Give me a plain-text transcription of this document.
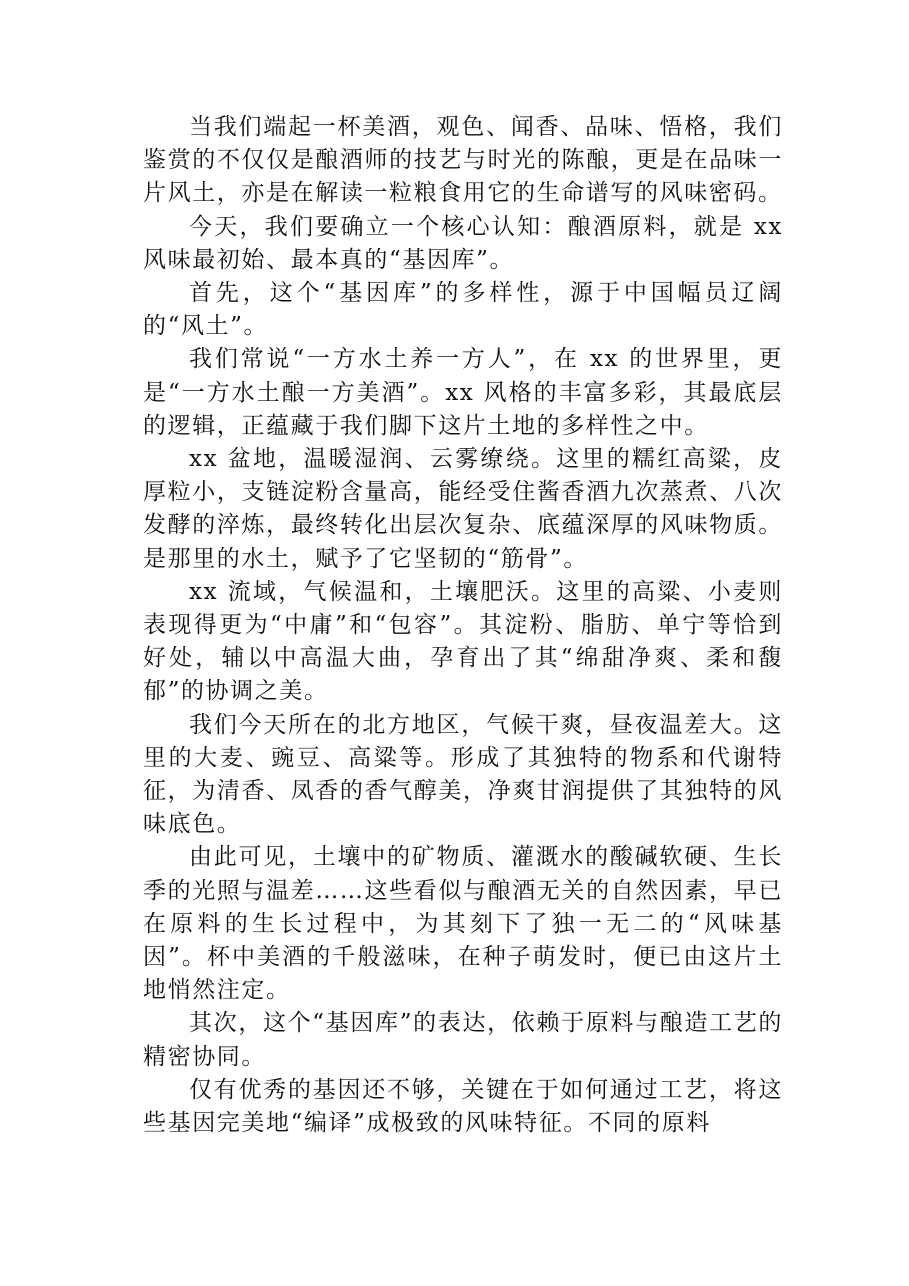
当我们端起一杯美酒，观色、闻香、品味、悟格，我们鉴赏的不仅仅是酿酒师的技艺与时光的陈酿，更是在品味一片风土，亦是在解读一粒粮食用它的生命谱写的风味密码。

今天，我们要确立一个核心认知：酿酒原料，就是 xx 风味最初始、最本真的“基因库”。

首先，这个“基因库”的多样性，源于中国幅员辽阔的“风土”。

我们常说“一方水土养一方人”，在 xx 的世界里，更是“一方水土酿一方美酒”。xx 风格的丰富多彩，其最底层的逻辑，正蕴藏于我们脚下这片土地的多样性之中。

xx 盆地，温暖湿润、云雾缭绕。这里的糯红高粱，皮厚粒小，支链淀粉含量高，能经受住酱香酒九次蒸煮、八次发酵的淬炼，最终转化出层次复杂、底蕴深厚的风味物质。是那里的水土，赋予了它坚韧的“筋骨”。

xx 流域，气候温和，土壤肥沃。这里的高粱、小麦则表现得更为“中庸”和“包容”。其淀粉、脂肪、单宁等恰到好处，辅以中高温大曲，孕育出了其“绵甜净爽、柔和馥郁”的协调之美。

我们今天所在的北方地区，气候干爽，昼夜温差大。这里的大麦、豌豆、高粱等。形成了其独特的物系和代谢特征，为清香、凤香的香气醇美，净爽甘润提供了其独特的风味底色。

由此可见，土壤中的矿物质、灌溉水的酸碱软硬、生长季的光照与温差……这些看似与酿酒无关的自然因素，早已在原料的生长过程中，为其刻下了独一无二的“风味基因”。杯中美酒的千般滋味，在种子萌发时，便已由这片土地悄然注定。

其次，这个“基因库”的表达，依赖于原料与酿造工艺的精密协同。

仅有优秀的基因还不够，关键在于如何通过工艺，将这些基因完美地“编译”成极致的风味特征。不同的原料
